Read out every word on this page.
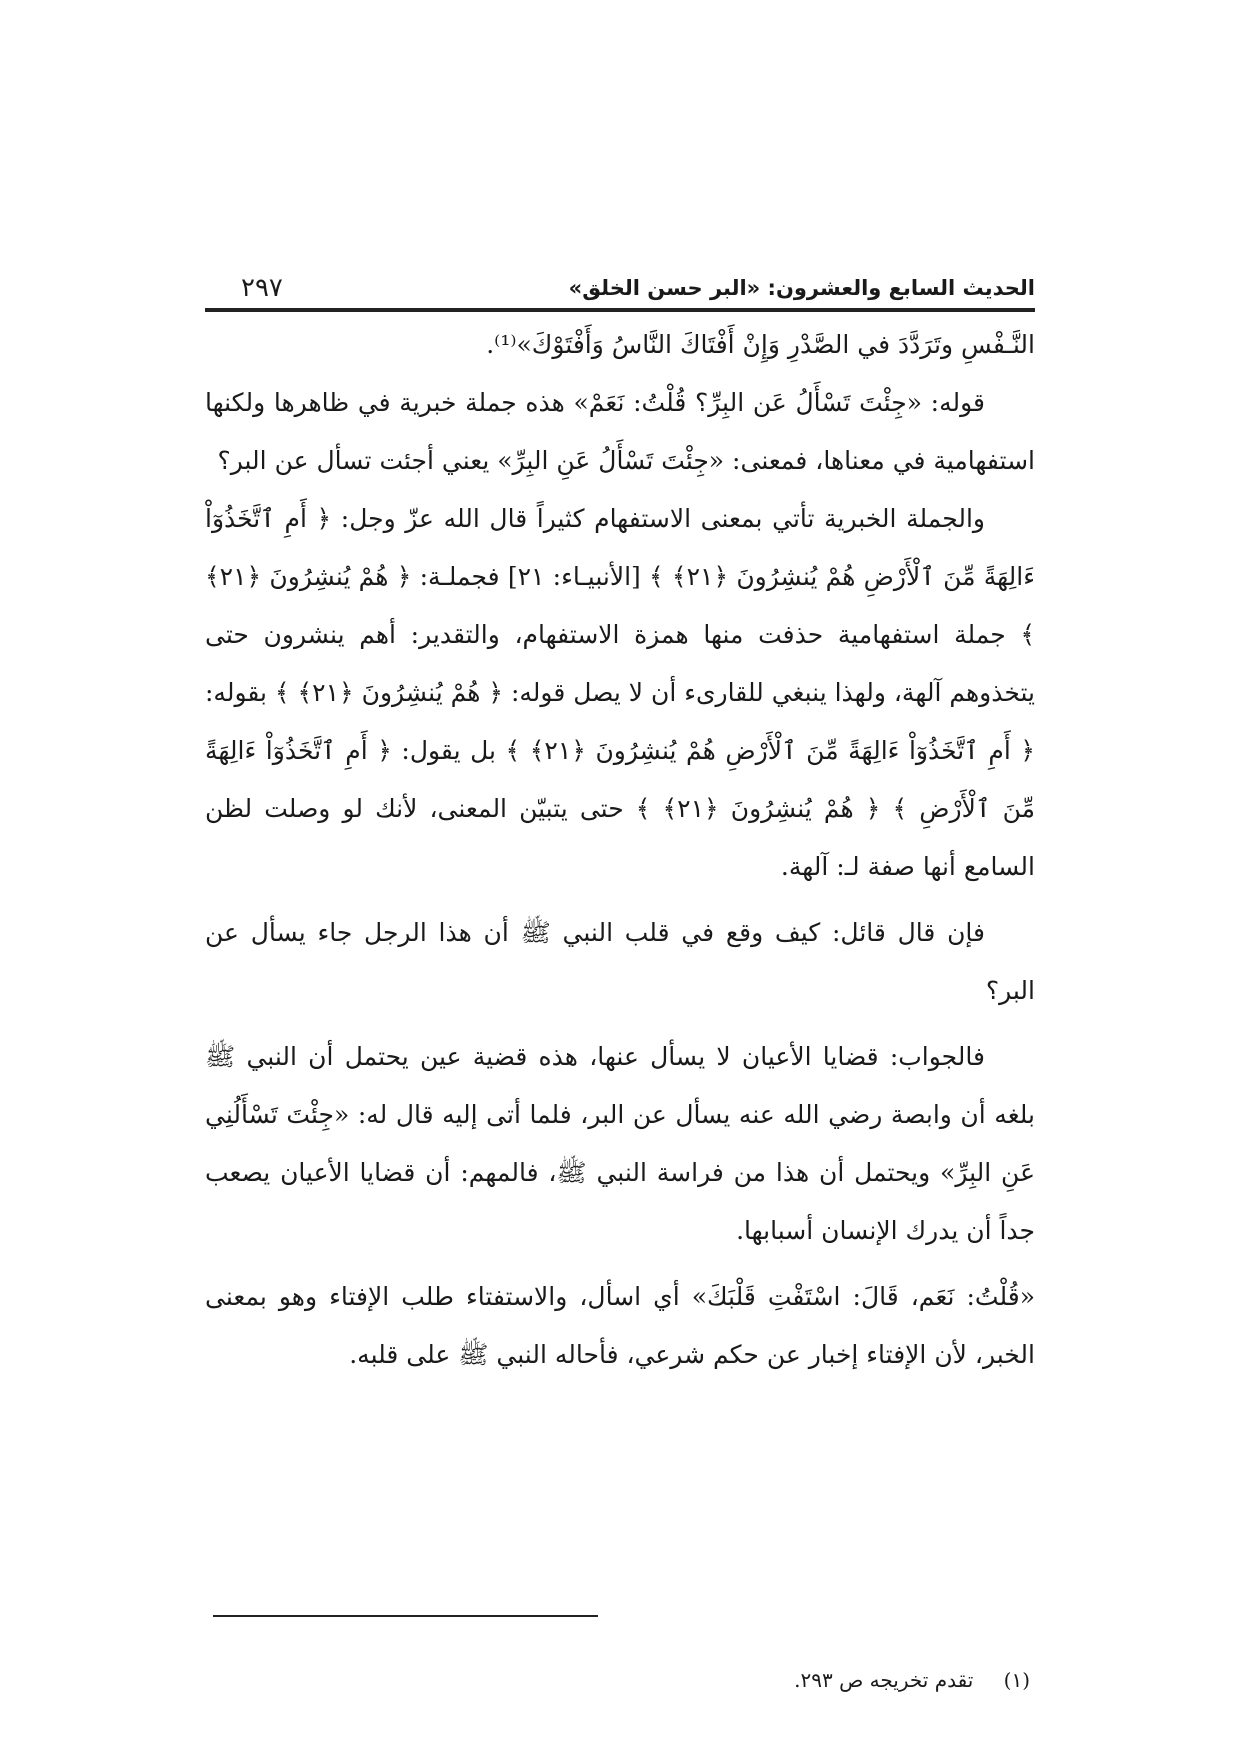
الحديث السابع والعشرون: «البر حسن الخلق»
٢٩٧

النَّـفْسِ وتَرَدَّدَ في الصَّدْرِ وَإِنْ أَفْتَاكَ النَّاسُ وَأَفْتَوْكَ»⁽¹⁾.

قوله: «جِئْتَ تَسْأَلُ عَن البِرِّ؟ قُلْتُ: نَعَمْ» هذه جملة خبرية في ظاهرها ولكنها استفهامية في معناها، فمعنى: «جِئْتَ تَسْأَلُ عَنِ البِرِّ» يعني أجئت تسأل عن البر؟

والجملة الخبرية تأتي بمعنى الاستفهام كثيراً قال الله عزّ وجل: ﴿ أَمِ ٱتَّخَذُوٓاْ ءَالِهَةً مِّنَ ٱلْأَرْضِ هُمْ يُنشِرُونَ ﴿٢١﴾ ﴾ [الأنبيـاء: ٢١] فجملـة: ﴿ هُمْ يُنشِرُونَ ﴿٢١﴾ ﴾ جملة استفهامية حذفت منها همزة الاستفهام، والتقدير: أهم ينشرون حتى يتخذوهم آلهة، ولهذا ينبغي للقارىء أن لا يصل قوله: ﴿ هُمْ يُنشِرُونَ ﴿٢١﴾ ﴾ بقوله: ﴿ أَمِ ٱتَّخَذُوٓاْ ءَالِهَةً مِّنَ ٱلْأَرْضِ هُمْ يُنشِرُونَ ﴿٢١﴾ ﴾ بل يقول: ﴿ أَمِ ٱتَّخَذُوٓاْ ءَالِهَةً مِّنَ ٱلْأَرْضِ ﴾ ﴿ هُمْ يُنشِرُونَ ﴿٢١﴾ ﴾ حتى يتبيّن المعنى، لأنك لو وصلت لظن السامع أنها صفة لـ: آلهة.

فإن قال قائل: كيف وقع في قلب النبي ﷺ أن هذا الرجل جاء يسأل عن البر؟

فالجواب: قضايا الأعيان لا يسأل عنها، هذه قضية عين يحتمل أن النبي ﷺ بلغه أن وابصة رضي الله عنه يسأل عن البر، فلما أتى إليه قال له: «جِئْتَ تَسْأَلُنِي عَنِ البِرِّ» ويحتمل أن هذا من فراسة النبي ﷺ، فالمهم: أن قضايا الأعيان يصعب جداً أن يدرك الإنسان أسبابها.

«قُلْتُ: نَعَم، قَالَ: اسْتَفْتِ قَلْبَكَ» أي اسأل، والاستفتاء طلب الإفتاء وهو بمعنى الخبر، لأن الإفتاء إخبار عن حكم شرعي، فأحاله النبي ﷺ على قلبه.

(١) تقدم تخريجه ص ٢٩٣.
